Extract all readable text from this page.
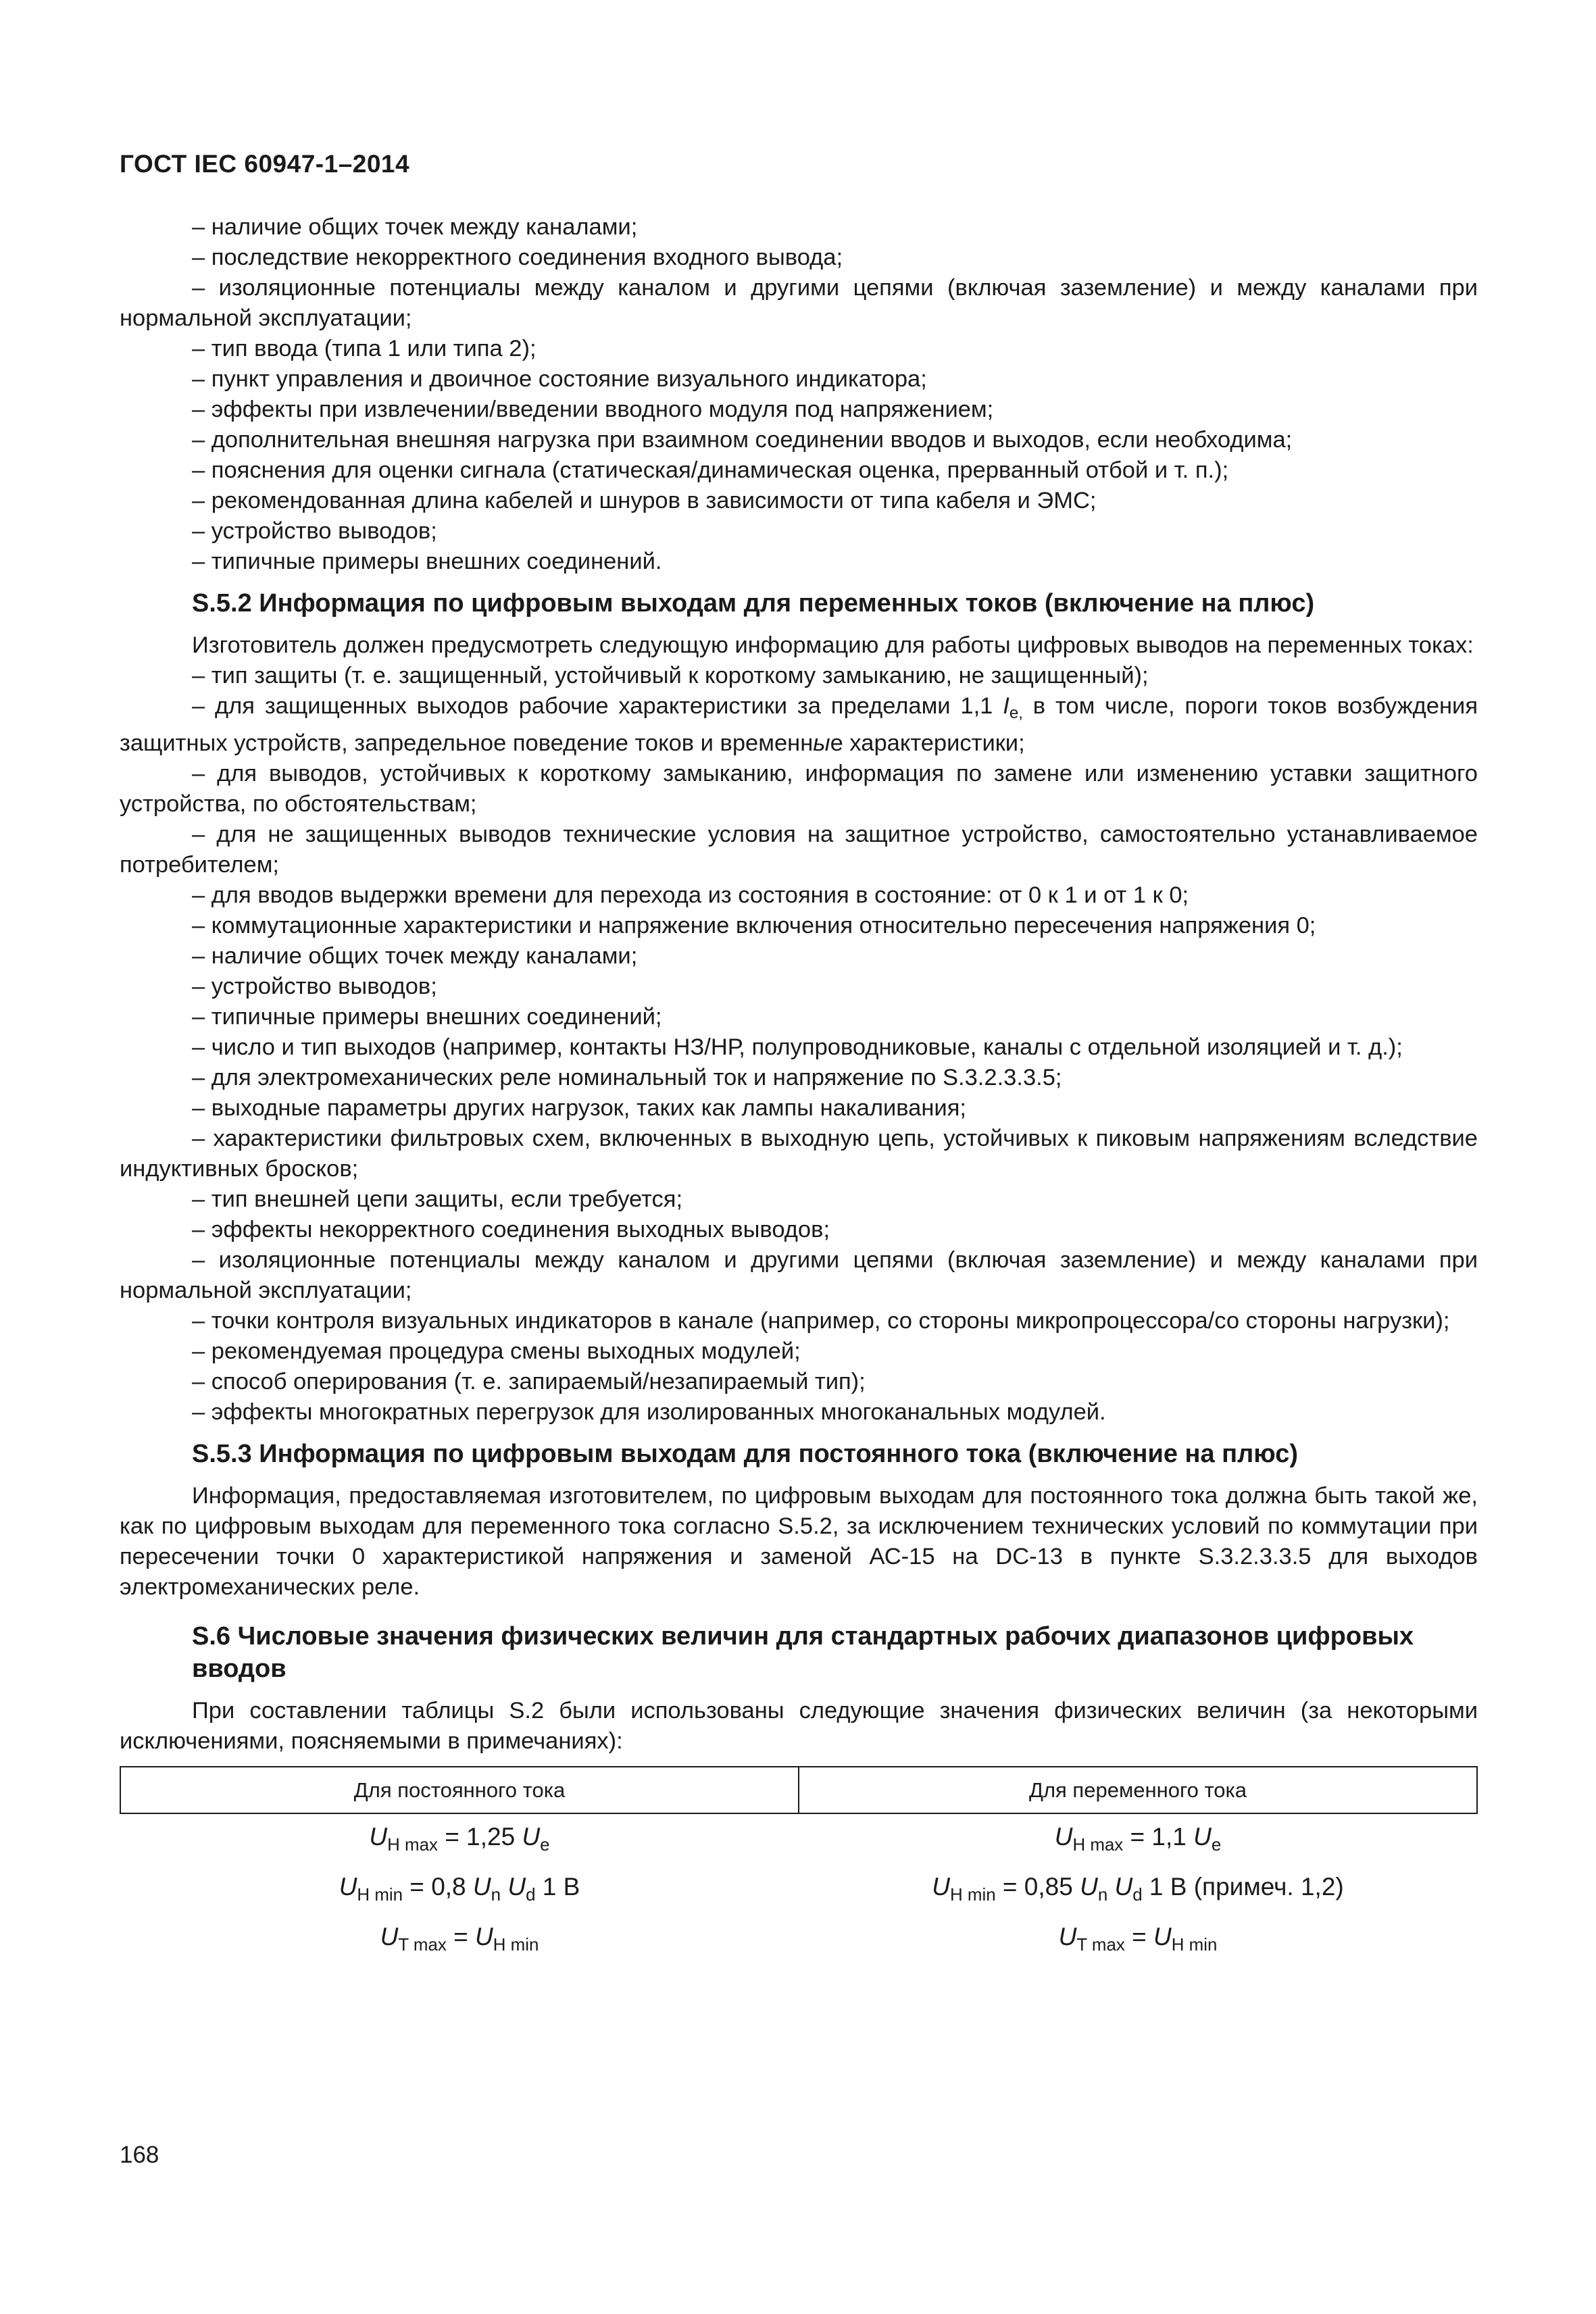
ГОСТ IEC 60947-1–2014
– наличие общих точек между каналами;
– последствие некорректного соединения входного вывода;
– изоляционные потенциалы между каналом и другими цепями (включая заземление) и между каналами при нормальной эксплуатации;
– тип ввода (типа 1 или типа 2);
– пункт управления и двоичное состояние визуального индикатора;
– эффекты при извлечении/введении вводного модуля под напряжением;
– дополнительная внешняя нагрузка при взаимном соединении вводов и выходов, если необходима;
– пояснения для оценки сигнала (статическая/динамическая оценка, прерванный отбой и т. п.);
– рекомендованная длина кабелей и шнуров в зависимости от типа кабеля и ЭМС;
– устройство выводов;
– типичные примеры внешних соединений.
S.5.2 Информация по цифровым выходам для переменных токов (включение на плюс)
Изготовитель должен предусмотреть следующую информацию для работы цифровых выводов на переменных токах:
– тип защиты (т. е. защищенный, устойчивый к короткому замыканию, не защищенный);
– для защищенных выходов рабочие характеристики за пределами 1,1 $I_{e,}$ в том числе, пороги токов возбуждения защитных устройств, запредельное поведение токов и временные характеристики;
– для выводов, устойчивых к короткому замыканию, информация по замене или изменению уставки защитного устройства, по обстоятельствам;
– для не защищенных выводов технические условия на защитное устройство, самостоятельно устанавливаемое потребителем;
– для вводов выдержки времени для перехода из состояния в состояние: от 0 к 1 и от 1 к 0;
– коммутационные характеристики и напряжение включения относительно пересечения напряжения 0;
– наличие общих точек между каналами;
– устройство выводов;
– типичные примеры внешних соединений;
– число и тип выходов (например, контакты НЗ/НР, полупроводниковые, каналы с отдельной изоляцией и т. д.);
– для электромеханических реле номинальный ток и напряжение по S.3.2.3.3.5;
– выходные параметры других нагрузок, таких как лампы накаливания;
– характеристики фильтровых схем, включенных в выходную цепь, устойчивых к пиковым напряжениям вследствие индуктивных бросков;
– тип внешней цепи защиты, если требуется;
– эффекты некорректного соединения выходных выводов;
– изоляционные потенциалы между каналом и другими цепями (включая заземление) и между каналами при нормальной эксплуатации;
– точки контроля визуальных индикаторов в канале (например, со стороны микропроцессора/со стороны нагрузки);
– рекомендуемая процедура смены выходных модулей;
– способ оперирования (т. е. запираемый/незапираемый тип);
– эффекты многократных перегрузок для изолированных многоканальных модулей.
S.5.3 Информация по цифровым выходам для постоянного тока (включение на плюс)
Информация, предоставляемая изготовителем, по цифровым выходам для постоянного тока должна быть такой же, как по цифровым выходам для переменного тока согласно S.5.2, за исключением технических условий по коммутации при пересечении точки 0 характеристикой напряжения и заменой АС-15 на DC-13 в пункте S.3.2.3.3.5 для выходов электромеханических реле.
S.6 Числовые значения физических величин для стандартных рабочих диапазонов цифровых вводов
При составлении таблицы S.2 были использованы следующие значения физических величин (за некоторыми исключениями, поясняемыми в примечаниях):
Для постоянного тока	Для переменного тока
$U_{H max} = 1,25$ $U_e$	$U_{H max} = 1,1$ $U_e$
$U_{H min} = 0,8$ $U_n$ $U_d$ 1 В	$U_{H min} = 0,85$ $U_n$ $U_d$ 1 В (примеч. 1,2)
$U_{T max} = U_{H min}$	$U_{T max} = U_{H min}$
168
